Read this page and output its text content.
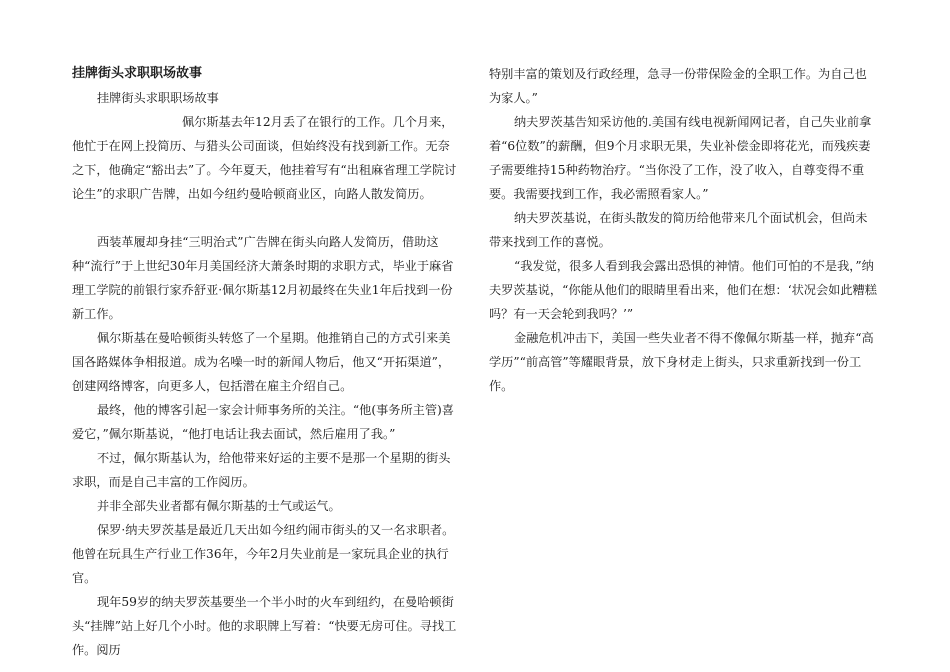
挂牌街头求职职场故事
挂牌街头求职职场故事

佩尔斯基去年12月丢了在银行的工作。几个月来，他忙于在网上投简历、与猎头公司面谈，但始终没有找到新工作。无奈之下，他确定“豁出去”了。今年夏天，他挂着写有“出租麻省理工学院讨论生”的求职广告牌，出如今纽约曼哈顿商业区，向路人散发简历。

西装革履却身挂“三明治式”广告牌在街头向路人发简历，借助这种“流行”于上世纪30年月美国经济大萧条时期的求职方式，毕业于麻省理工学院的前银行家乔舒亚·佩尔斯基12月初最终在失业1年后找到一份新工作。

佩尔斯基在曼哈顿街头转悠了一个星期。他推销自己的方式引来美国各路媒体争相报道。成为名噪一时的新闻人物后，他又“开拓渠道”，创建网络博客，向更多人，包括潜在雇主介绍自己。

最终，他的博客引起一家会计师事务所的关注。“他(事务所主管)喜爱它，”佩尔斯基说，“他打电话让我去面试，然后雇用了我。”

不过，佩尔斯基认为，给他带来好运的主要不是那一个星期的街头求职，而是自己丰富的工作阅历。

并非全部失业者都有佩尔斯基的士气或运气。

保罗·纳夫罗茨基是最近几天出如今纽约闹市街头的又一名求职者。他曾在玩具生产行业工作36年，今年2月失业前是一家玩具企业的执行官。

现年59岁的纳夫罗茨基要坐一个半小时的火车到纽约，在曼哈顿街头“挂牌”站上好几个小时。他的求职牌上写着：“快要无房可住。寻找工作。阅历

特别丰富的策划及行政经理，急寻一份带保险金的全职工作。为自己也为家人。”

纳夫罗茨基告知采访他的.美国有线电视新闻网记者，自己失业前拿着“6位数”的薪酬，但9个月求职无果，失业补偿金即将花光，而残疾妻子需要维持15种药物治疗。“当你没了工作，没了收入，自尊变得不重要。我需要找到工作，我必需照看家人。”

纳夫罗茨基说，在街头散发的简历给他带来几个面试机会，但尚未带来找到工作的喜悦。

“我发觉，很多人看到我会露出恐惧的神情。他们可怕的不是我，”纳夫罗茨基说，“你能从他们的眼睛里看出来，他们在想：‘状况会如此糟糕吗？有一天会轮到我吗？’”

金融危机冲击下，美国一些失业者不得不像佩尔斯基一样，抛弃“高学历”“前高管”等耀眼背景，放下身材走上街头，只求重新找到一份工作。
